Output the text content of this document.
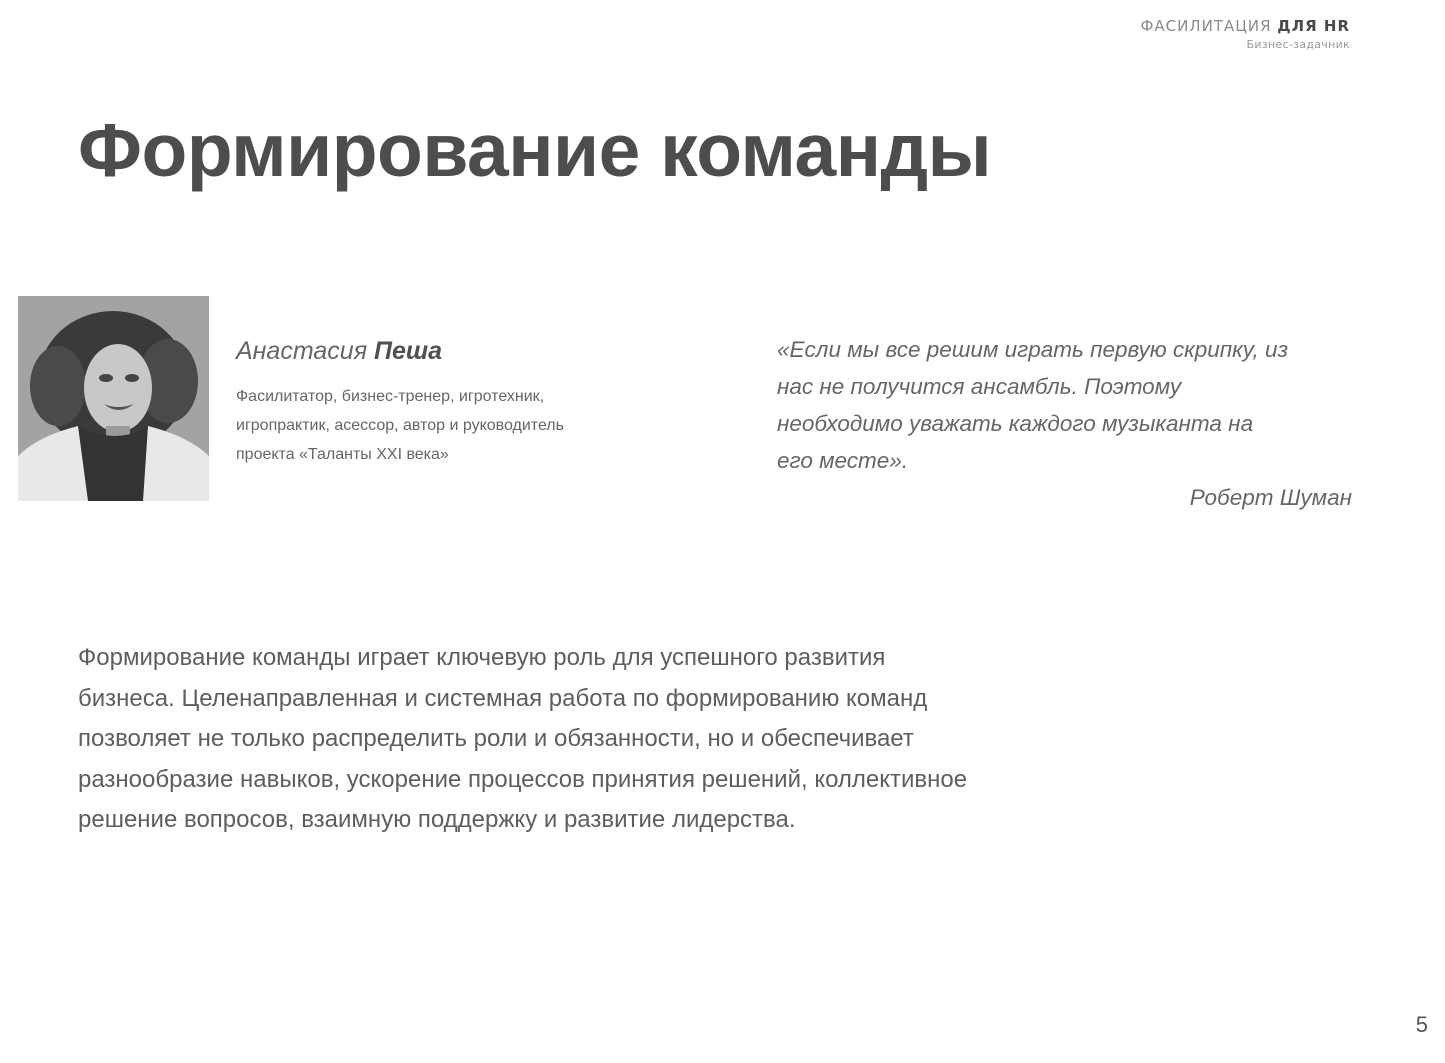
ФАСИЛИТАЦИЯ ДЛЯ HR
Бизнес-задачник
Формирование команды

Анастасия Пеша

Фасилитатор, бизнес-тренер, игротехник,
игропрактик, асессор, автор и руководитель
проекта «Таланты XXI века»

«Если мы все решим играть первую скрипку, из
нас не получится ансамбль. Поэтому
необходимо уважать каждого музыканта на
его месте».

Роберт Шуман

Формирование команды играет ключевую роль для успешного развития
бизнеса. Целенаправленная и системная работа по формированию команд
позволяет не только распределить роли и обязанности, но и обеспечивает
разнообразие навыков, ускорение процессов принятия решений, коллективное
решение вопросов, взаимную поддержку и развитие лидерства.

5
